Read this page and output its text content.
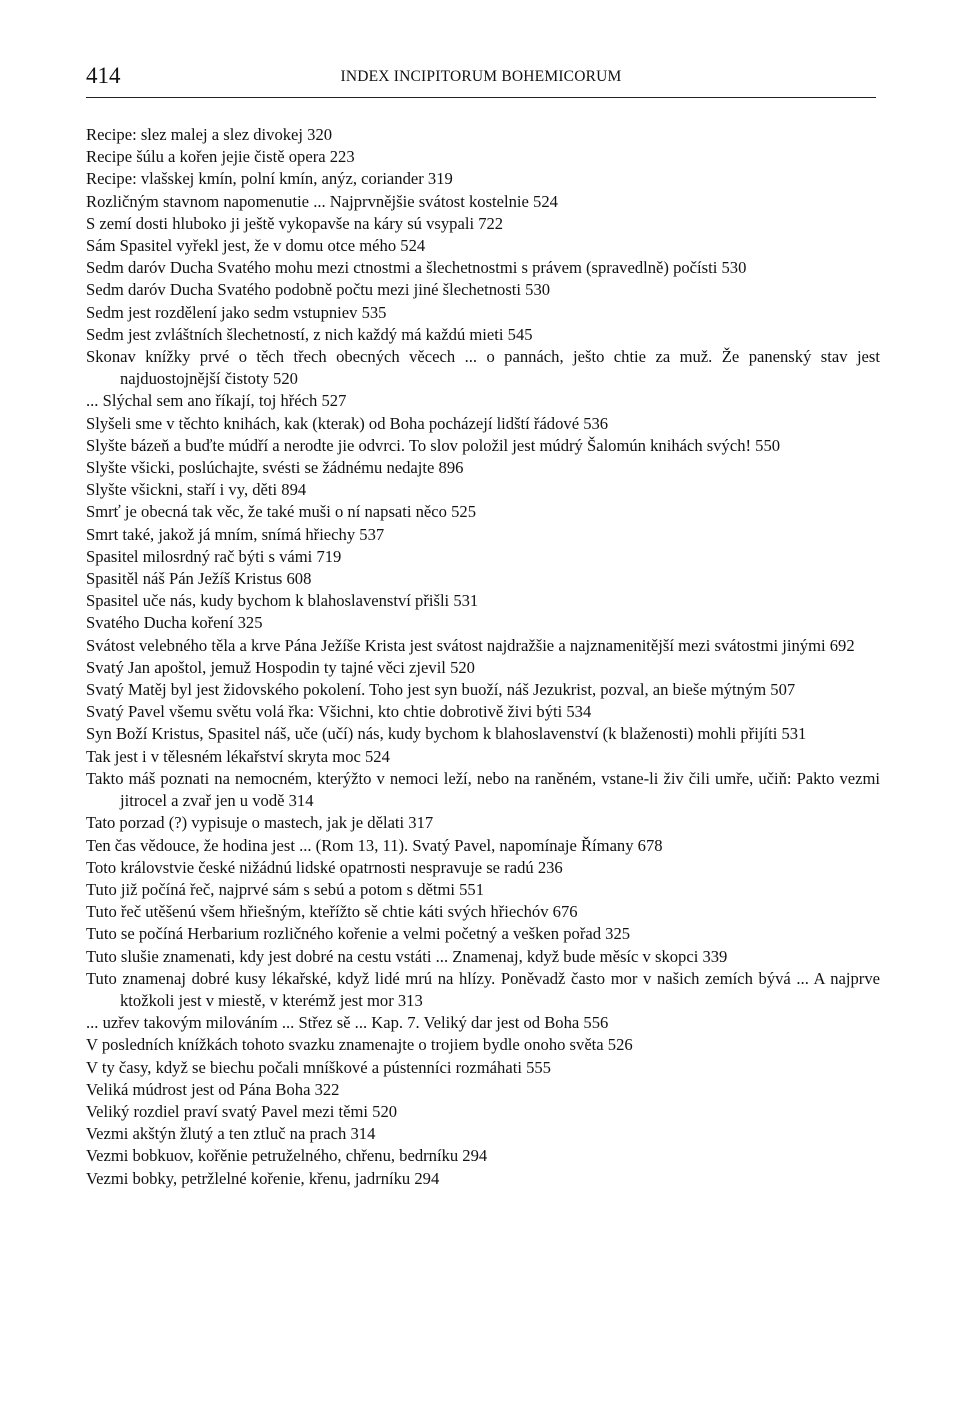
414	INDEX INCIPITORUM BOHEMICORUM
Recipe: slez malej a slez divokej 320
Recipe šúlu a kořen jejie čistě opera 223
Recipe: vlašskej kmín, polní kmín, anýz, coriander 319
Rozličným stavnom napomenutie ... Najprvnějšie svátost kostelnie 524
S zemí dosti hluboko ji ještě vykopavše na káry sú vsypali 722
Sám Spasitel vyřekl jest, že v domu otce mého 524
Sedm daróv Ducha Svatého mohu mezi ctnostmi a šlechetnostmi s právem (spravedlně) počísti 530
Sedm daróv Ducha Svatého podobně počtu mezi jiné šlechetnosti 530
Sedm jest rozdělení jako sedm vstupniev 535
Sedm jest zvláštních šlechetností, z nich každý má každú mieti 545
Skonav knížky prvé o těch třech obecných věcech ... o pannách, ješto chtie za muž. Že panenský stav jest najduostojnější čistoty 520
... Slýchal sem ano říkají, toj hřéch 527
Slyšeli sme v těchto knihách, kak (kterak) od Boha pocházejí lidští řádové 536
Slyšte bázeň a buďte múdří a nerodte jie odvrci. To slov položil jest múdrý Šalomún knihách svých! 550
Slyšte všicki, poslúchajte, svésti se žádnému nedajte 896
Slyšte všickni, staří i vy, děti 894
Smrť je obecná tak věc, že také muši o ní napsati něco 525
Smrt také, jakož já mním, snímá hřiechy 537
Spasitel milosrdný rač býti s vámi 719
Spasitěl náš Pán Ježíš Kristus 608
Spasitel uče nás, kudy bychom k blahoslavenství přišli 531
Svatého Ducha koření 325
Svátost velebného těla a krve Pána Ježíše Krista jest svátost najdražšie a najznamenitější mezi svátostmi jinými 692
Svatý Jan apoštol, jemuž Hospodin ty tajné věci zjevil 520
Svatý Matěj byl jest židovského pokolení. Toho jest syn buoží, náš Jezukrist, pozval, an bieše mýtným 507
Svatý Pavel všemu světu volá řka: Všichni, kto chtie dobrotivě živi býti 534
Syn Boží Kristus, Spasitel náš, uče (učí) nás, kudy bychom k blahoslavenství (k blaženosti) mohli přijíti 531
Tak jest i v tělesném lékařství skryta moc 524
Takto máš poznati na nemocném, kterýžto v nemoci leží, nebo na raněném, vstane-li živ čili umře, učiň: Pakto vezmi jitrocel a zvař jen u vodě 314
Tato porzad (?) vypisuje o mastech, jak je dělati 317
Ten čas vědouce, že hodina jest ... (Rom 13, 11). Svatý Pavel, napomínaje Římany 678
Toto královstvie české nižádnú lidské opatrnosti nespravuje se radú 236
Tuto již počíná řeč, najprvé sám s sebú a potom s dětmi 551
Tuto řeč utěšenú všem hřiešným, kteřížto sě chtie káti svých hřiechóv 676
Tuto se počíná Herbarium rozličného kořenie a velmi početný a vešken pořad 325
Tuto slušie znamenati, kdy jest dobré na cestu vstáti ... Znamenaj, když bude měsíc v skopci 339
Tuto znamenaj dobré kusy lékařské, když lidé mrú na hlízy. Poněvadž často mor v našich zemích bývá ... A najprve ktožkoli jest v miestě, v kterémž jest mor 313
... uzřev takovým milováním ... Střez sě ... Kap. 7. Veliký dar jest od Boha 556
V posledních knížkách tohoto svazku znamenajte o trojiem bydle onoho světa 526
V ty časy, když se biechu počali mníškové a pústenníci rozmáhati 555
Veliká múdrost jest od Pána Boha 322
Veliký rozdiel praví svatý Pavel mezi těmi 520
Vezmi akštýn žlutý a ten ztluč na prach 314
Vezmi bobkuov, kořěnie petruželného, chřenu, bedrníku 294
Vezmi bobky, petržlelné kořenie, křenu, jadrníku 294
